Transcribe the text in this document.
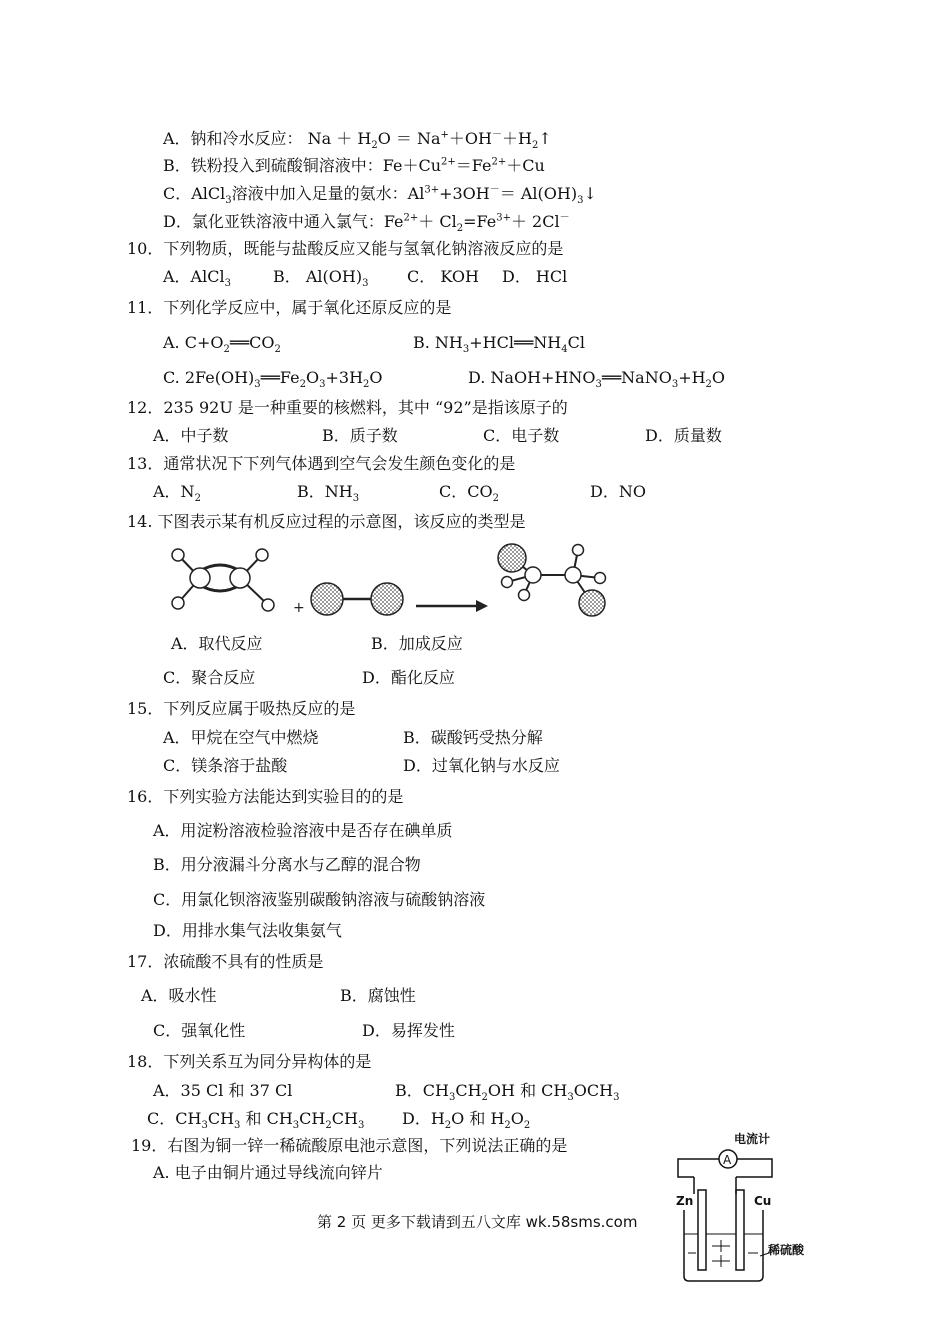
A．钠和冷水反应： $Na + H_2O$ ＝ $Na^++OH^-+H_2↑$
B．铁粉投入到硫酸铜溶液中：$Fe+Cu^{2+}=Fe^{2+}+Cu$
C．AlCl$_3$溶液中加入足量的氨水：$Al^{3+}+3OH^-=$ $Al(OH)_3↓$
D．氯化亚铁溶液中通入氯气：$Fe^{2+}+ Cl_2=Fe^{3+}+ 2Cl^-$
10．下列物质，既能与盐酸反应又能与氢氧化钠溶液反应的是
A．AlCl$_3$	B． $Al(OH)_3$ C． KOH D． HCl
11．下列化学反应中，属于氧化还原反应的是
A. $C+O_2══CO_2$	B. $NH_3+HCl══NH_4Cl$
C. $2Fe(OH)_3══Fe_2O_3+3H_2O$	D. $NaOH+HNO_3══NaNO_3+H_2O$
12．235 92U 是一种重要的核燃料，其中 “92”是指该原子的
A．中子数	B．质子数	C．电子数	D．质量数
13．通常状况下下列气体遇到空气会发生颜色变化的是
A．$N_2$	B．$NH_3$	C．$CO_2$	D．NO
14. 下图表示某有机反应过程的示意图，该反应的类型是
+
A．取代反应	B．加成反应
C．聚合反应	D．酯化反应
15．下列反应属于吸热反应的是
A．甲烷在空气中燃烧	B．碳酸钙受热分解
C．镁条溶于盐酸	D．过氧化钠与水反应
16．下列实验方法能达到实验目的的是
A．用淀粉溶液检验溶液中是否存在碘单质
B．用分液漏斗分离水与乙醇的混合物
C．用氯化钡溶液鉴别碳酸钠溶液与硫酸钠溶液
D．用排水集气法收集氨气
17．浓硫酸不具有的性质是
A．吸水性	B．腐蚀性
C．强氧化性	D．易挥发性
18．下列关系互为同分异构体的是
A．35 Cl 和 37 Cl	B．$CH_3CH_2OH$ 和 $CH_3OCH_3$
C．$CH_3CH_3$ 和 $CH_3CH_2CH_3$ D．$H_2O$ 和 $H_2O_2$
19．右图为铜一锌一稀硫酸原电池示意图，下列说法正确的是
A. 电子由铜片通过导线流向锌片
电流计
A
Zn	Cu
稀硫酸
第 2 页 更多下载请到五八文库 wk.58sms.com
